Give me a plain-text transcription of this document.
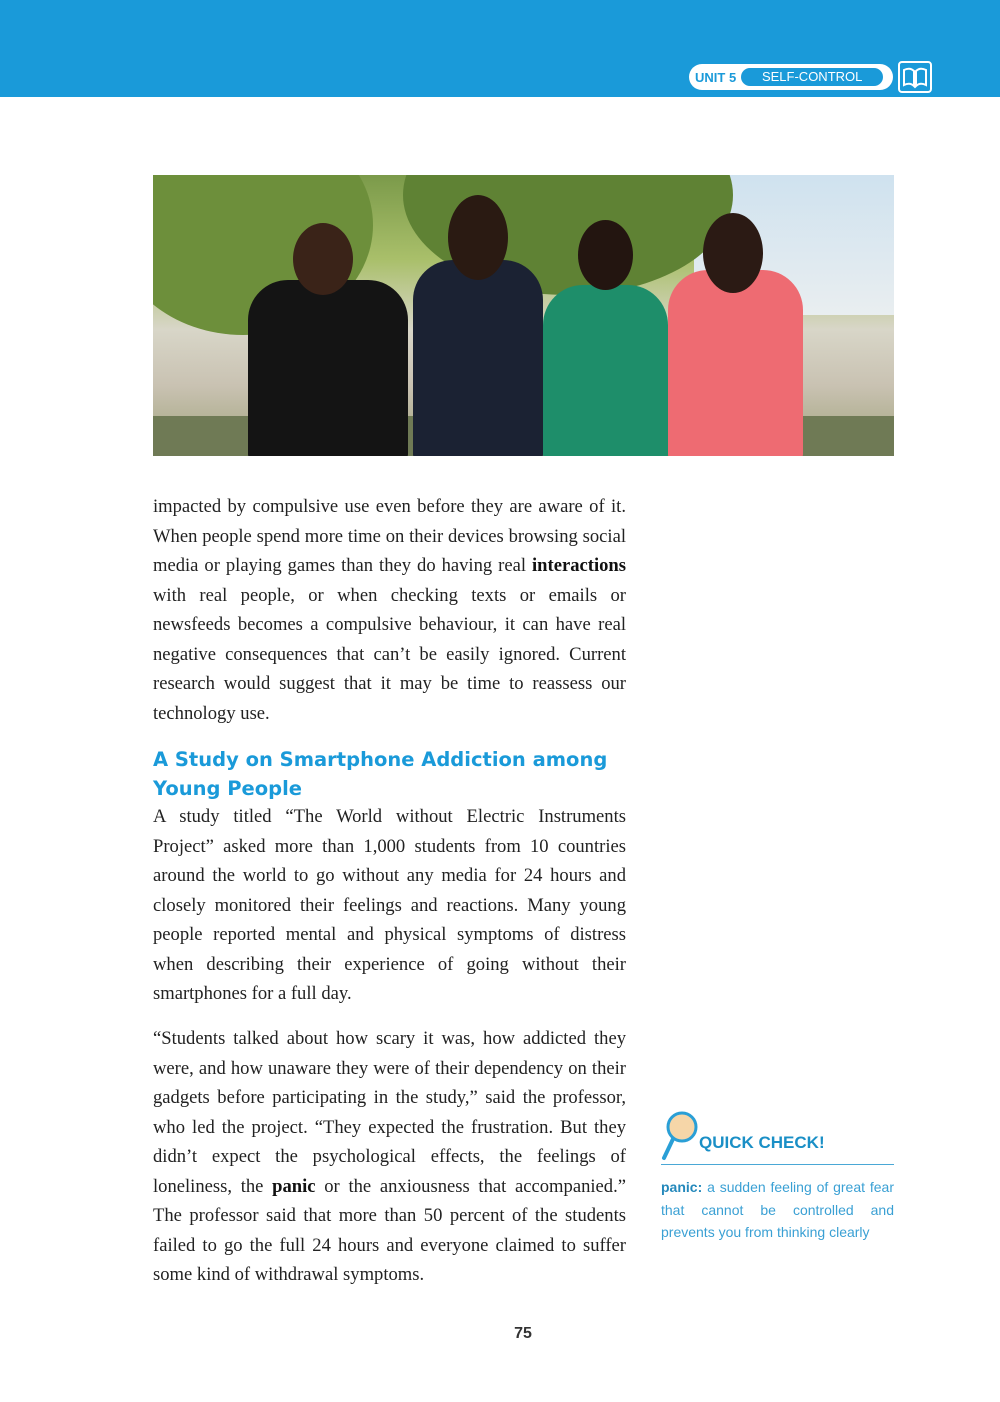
UNIT 5	SELF-CONTROL

impacted by compulsive use even before they are aware of it. When people spend more time on their devices browsing social media or playing games than they do having real interactions with real people, or when checking texts or emails or newsfeeds becomes a compulsive behaviour, it can have real negative consequences that can’t be easily ignored. Current research would suggest that it may be time to reassess our technology use.

A Study on Smartphone Addiction among Young People

A study titled “The World without Electric Instruments Project” asked more than 1,000 students from 10 countries around the world to go without any media for 24 hours and closely monitored their feelings and reactions. Many young people reported mental and physical symptoms of distress when describing their experience of going without their smartphones for a full day.

“Students talked about how scary it was, how addicted they were, and how unaware they were of their dependency on their gadgets before participating in the study,” said the professor, who led the project. “They expected the frustration. But they didn’t expect the psychological effects, the feelings of loneliness, the panic or the anxiousness that accompanied.” The professor said that more than 50 percent of the students failed to go the full 24 hours and everyone claimed to suffer some kind of withdrawal symptoms.

QUICK CHECK!

panic: a sudden feeling of great fear that cannot be controlled and prevents you from thinking clearly

75
